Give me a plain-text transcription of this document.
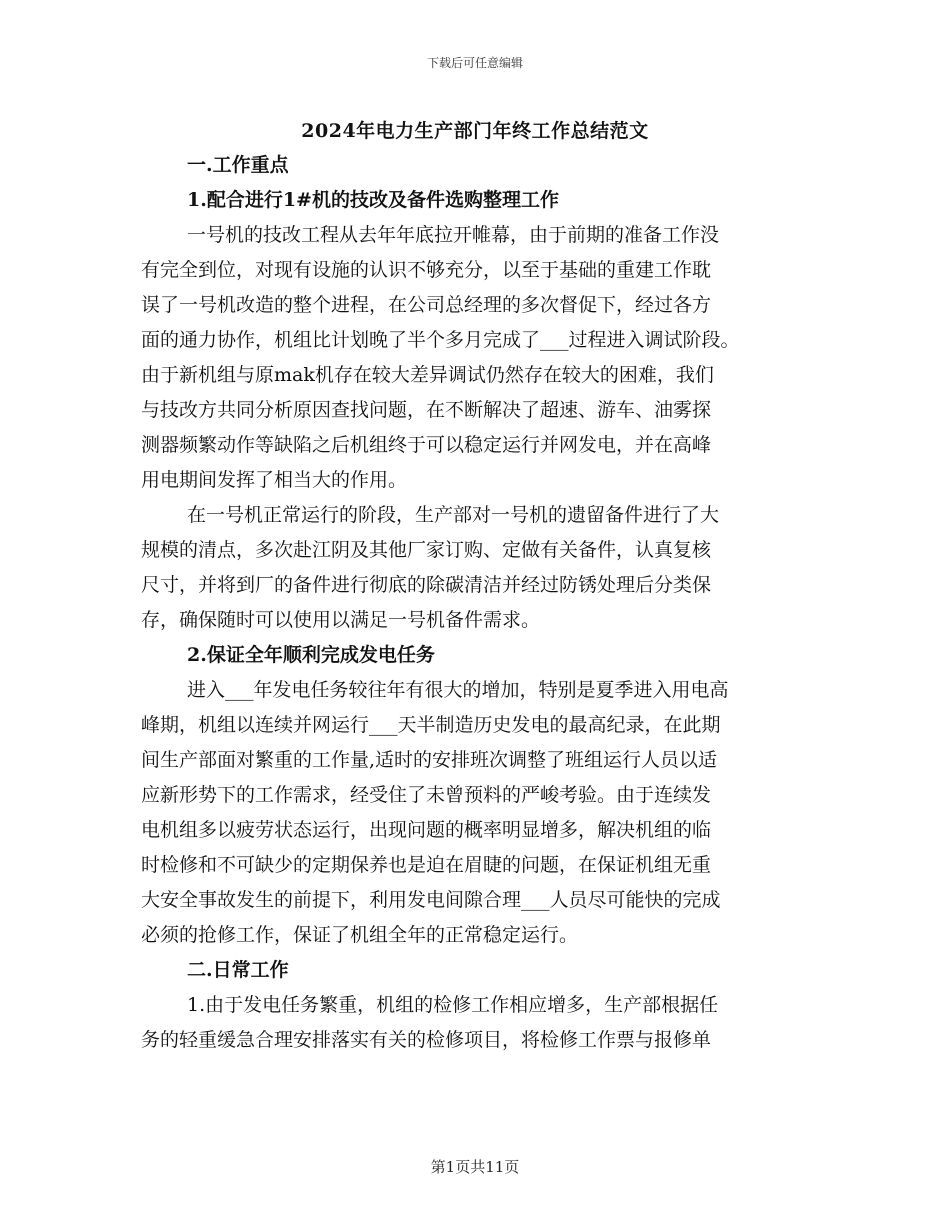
下载后可任意编辑
2024年电力生产部门年终工作总结范文
一.工作重点
1.配合进行1#机的技改及备件选购整理工作
一号机的技改工程从去年年底拉开帷幕，由于前期的准备工作没
有完全到位，对现有设施的认识不够充分，以至于基础的重建工作耽
误了一号机改造的整个进程，在公司总经理的多次督促下，经过各方
面的通力协作，机组比计划晚了半个多月完成了___过程进入调试阶段。
由于新机组与原mak机存在较大差异调试仍然存在较大的困难，我们
与技改方共同分析原因查找问题，在不断解决了超速、游车、油雾探
测器频繁动作等缺陷之后机组终于可以稳定运行并网发电，并在高峰
用电期间发挥了相当大的作用。
在一号机正常运行的阶段，生产部对一号机的遗留备件进行了大
规模的清点，多次赴江阴及其他厂家订购、定做有关备件，认真复核
尺寸，并将到厂的备件进行彻底的除碳清洁并经过防锈处理后分类保
存，确保随时可以使用以满足一号机备件需求。
2.保证全年顺利完成发电任务
进入___年发电任务较往年有很大的增加，特别是夏季进入用电高
峰期，机组以连续并网运行___天半制造历史发电的最高纪录，在此期
间生产部面对繁重的工作量,适时的安排班次调整了班组运行人员以适
应新形势下的工作需求，经受住了未曾预料的严峻考验。由于连续发
电机组多以疲劳状态运行，出现问题的概率明显增多，解决机组的临
时检修和不可缺少的定期保养也是迫在眉睫的问题，在保证机组无重
大安全事故发生的前提下，利用发电间隙合理___人员尽可能快的完成
必须的抢修工作，保证了机组全年的正常稳定运行。
二.日常工作
1.由于发电任务繁重，机组的检修工作相应增多，生产部根据任
务的轻重缓急合理安排落实有关的检修项目，将检修工作票与报修单
第1页共11页
